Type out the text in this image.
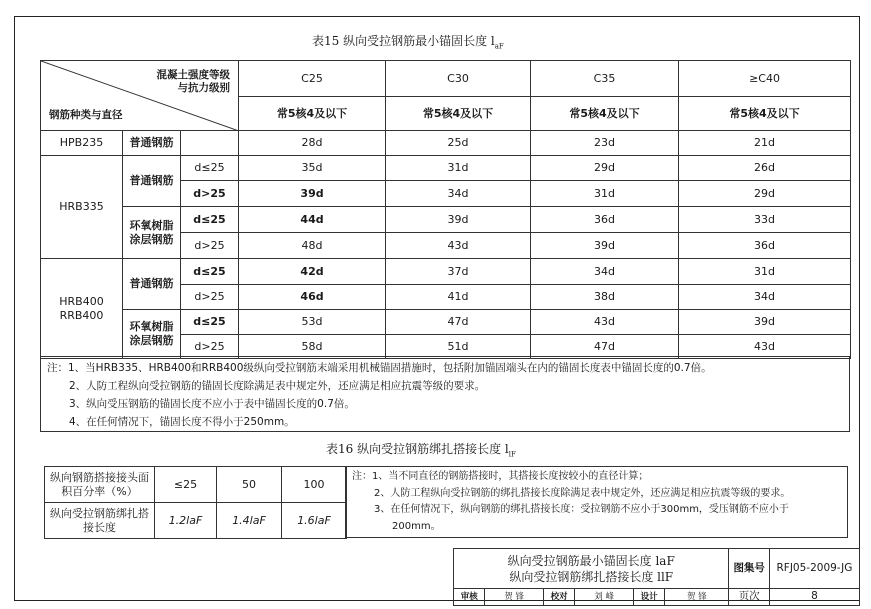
表15 纵向受拉钢筋最小锚固长度 $l_{aF}$
混凝土强度等级
与抗力级别
钢筋种类与直径			C25	C30	C35	≥C40
			常5核4及以下	常5核4及以下	常5核4及以下	常5核4及以下
HPB235	普通钢筋		28d	25d	23d	21d
HRB335	普通钢筋	d≤25	35d	31d	29d	26d
		d>25	39d	34d	31d	29d
	环氧树脂涂层钢筋	d≤25	44d	39d	36d	33d
		d>25	48d	43d	39d	36d
HRB400 RRB400	普通钢筋	d≤25	42d	37d	34d	31d
		d>25	46d	41d	38d	34d
	环氧树脂涂层钢筋	d≤25	53d	47d	43d	39d
		d>25	58d	51d	47d	43d
注：1、当HRB335、HRB400和RRB400级纵向受拉钢筋末端采用机械锚固措施时，包括附加锚固端头在内的锚固长度表中锚固长度的0.7倍。
2、人防工程纵向受拉钢筋的锚固长度除满足表中规定外，还应满足相应抗震等级的要求。
3、纵向受压钢筋的锚固长度不应小于表中锚固长度的0.7倍。
4、在任何情况下，锚固长度不得小于250mm。
表16 纵向受拉钢筋绑扎搭接长度 $l_{lF}$
纵向钢筋搭接接头面积百分率（%）	≤25	50	100
纵向受拉钢筋绑扎搭接长度	1.2laF	1.4laF	1.6laF
注：1、当不同直径的钢筋搭接时，其搭接长度按较小的直径计算；
2、人防工程纵向受拉钢筋的绑扎搭接长度除满足表中规定外，还应满足相应抗震等级的要求。
3、在任何情况下，纵向钢筋的绑扎搭接长度：受拉钢筋不应小于300mm，受压钢筋不应小于
200mm。
纵向受拉钢筋最小锚固长度 laF
纵向受拉钢筋绑扎搭接长度 llF						图集号	RFJ05-2009-JG
审核	贺 锋	校对	刘 峰	设计	贺 锋	页次	8
